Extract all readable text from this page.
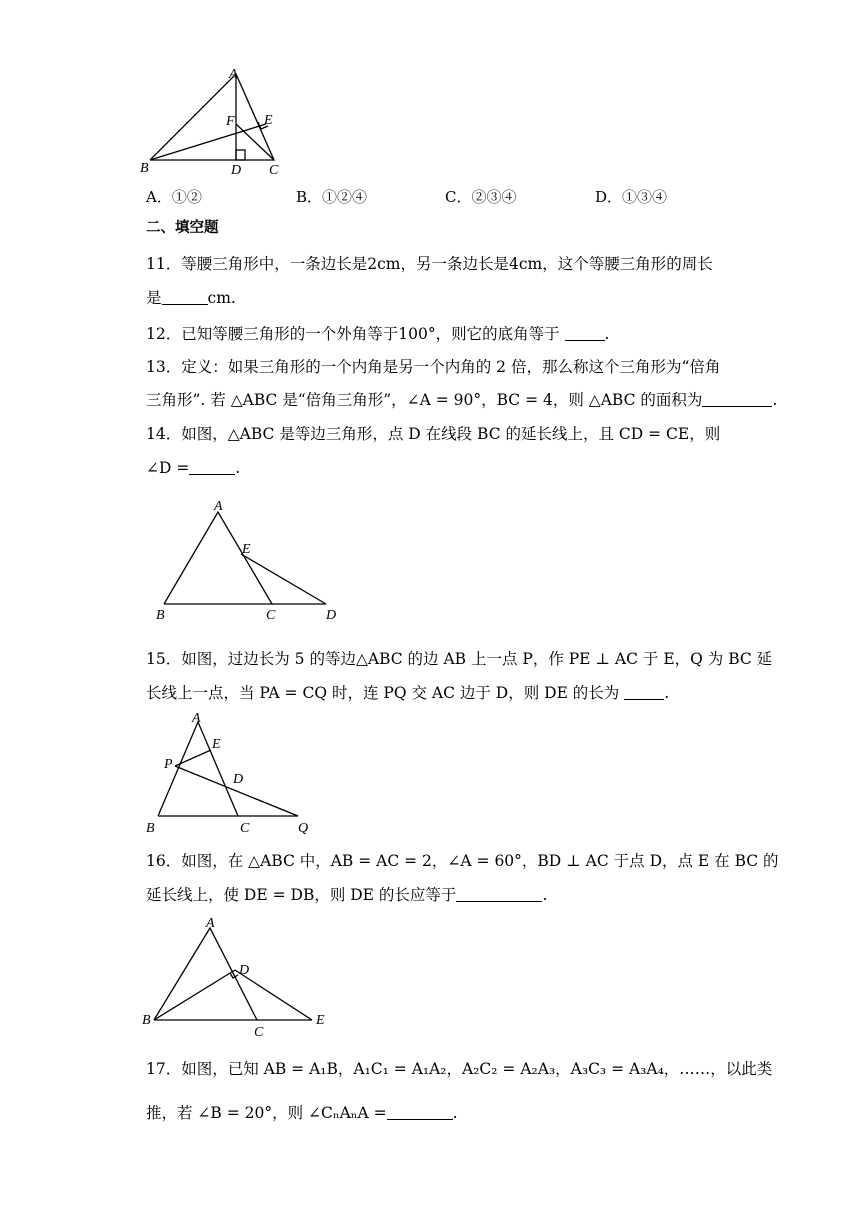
A
B	C
D
E
F
A．①②	B．①②④	C．②③④	D．①③④
二、填空题
11．等腰三角形中，一条边长是2cm，另一条边长是4cm，这个等腰三角形的周长
是	cm.
12．已知等腰三角形的一个外角等于100°，则它的底角等于	.
13．定义：如果三角形的一个内角是另一个内角的 2 倍，那么称这个三角形为“倍角
三角形”. 若 △ABC 是“倍角三角形”，∠A = 90°，BC = 4，则 △ABC 的面积为	.
14．如图，△ABC 是等边三角形，点 D 在线段 BC 的延长线上，且 CD = CE，则
∠D =	.
A
B	C	D
E
15．如图，过边长为 5 的等边△ABC 的边 AB 上一点 P，作 PE ⊥ AC 于 E，Q 为 BC 延
长线上一点，当 PA = CQ 时，连 PQ 交 AC 边于 D，则 DE 的长为	.
A
B	C
D
E
P
Q
16．如图，在 △ABC 中，AB = AC = 2，∠A = 60°，BD ⊥ AC 于点 D，点 E 在 BC 的
延长线上，使 DE = DB，则 DE 的长应等于	.
A
B
C
D
E
17．如图，已知 AB = A₁B，A₁C₁ = A₁A₂，A₂C₂ = A₂A₃，A₃C₃ = A₃A₄，……，以此类
推，若 ∠B = 20°，则 ∠CₙAₙA =	.
